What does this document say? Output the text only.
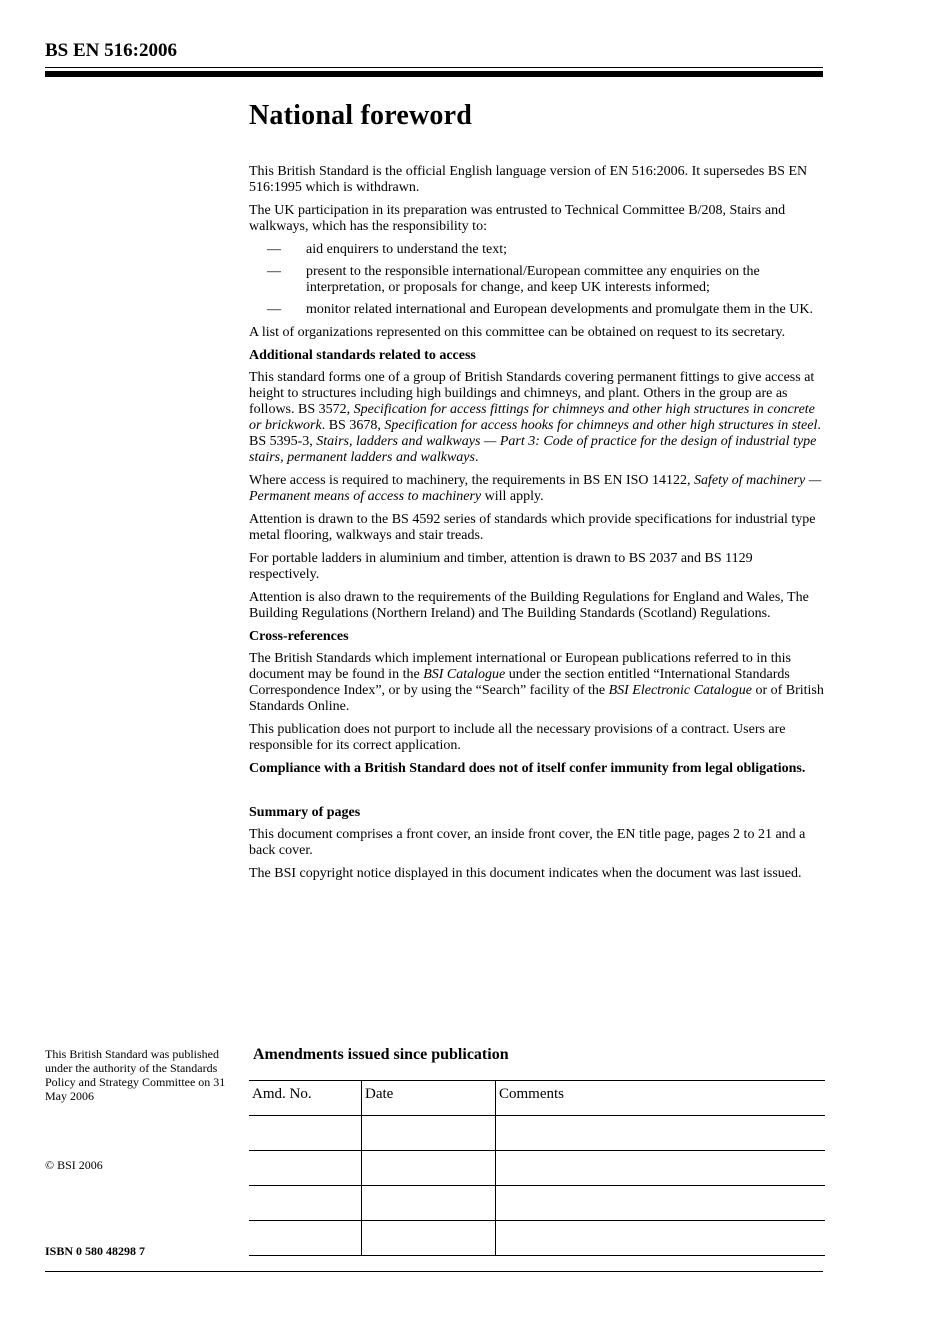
BS EN 516:2006
National foreword

This British Standard is the official English language version of EN 516:2006. It supersedes BS EN 516:1995 which is withdrawn.

The UK participation in its preparation was entrusted to Technical Committee B/208, Stairs and walkways, which has the responsibility to:

— aid enquirers to understand the text;
— present to the responsible international/European committee any enquiries on the interpretation, or proposals for change, and keep UK interests informed;
— monitor related international and European developments and promulgate them in the UK.

A list of organizations represented on this committee can be obtained on request to its secretary.

Additional standards related to access

This standard forms one of a group of British Standards covering permanent fittings to give access at height to structures including high buildings and chimneys, and plant. Others in the group are as follows. BS 3572, Specification for access fittings for chimneys and other high structures in concrete or brickwork. BS 3678, Specification for access hooks for chimneys and other high structures in steel. BS 5395-3, Stairs, ladders and walkways — Part 3: Code of practice for the design of industrial type stairs, permanent ladders and walkways.

Where access is required to machinery, the requirements in BS EN ISO 14122, Safety of machinery — Permanent means of access to machinery will apply.

Attention is drawn to the BS 4592 series of standards which provide specifications for industrial type metal flooring, walkways and stair treads.

For portable ladders in aluminium and timber, attention is drawn to BS 2037 and BS 1129 respectively.

Attention is also drawn to the requirements of the Building Regulations for England and Wales, The Building Regulations (Northern Ireland) and The Building Standards (Scotland) Regulations.

Cross-references

The British Standards which implement international or European publications referred to in this document may be found in the BSI Catalogue under the section entitled “International Standards Correspondence Index”, or by using the “Search” facility of the BSI Electronic Catalogue or of British Standards Online.

This publication does not purport to include all the necessary provisions of a contract. Users are responsible for its correct application.

Compliance with a British Standard does not of itself confer immunity from legal obligations.

Summary of pages

This document comprises a front cover, an inside front cover, the EN title page, pages 2 to 21 and a back cover.

The BSI copyright notice displayed in this document indicates when the document was last issued.

This British Standard was published under the authority of the Standards Policy and Strategy Committee on 31 May 2006
© BSI 2006
ISBN 0 580 48298 7
Amendments issued since publication
Amd. No.	Date	Comments
